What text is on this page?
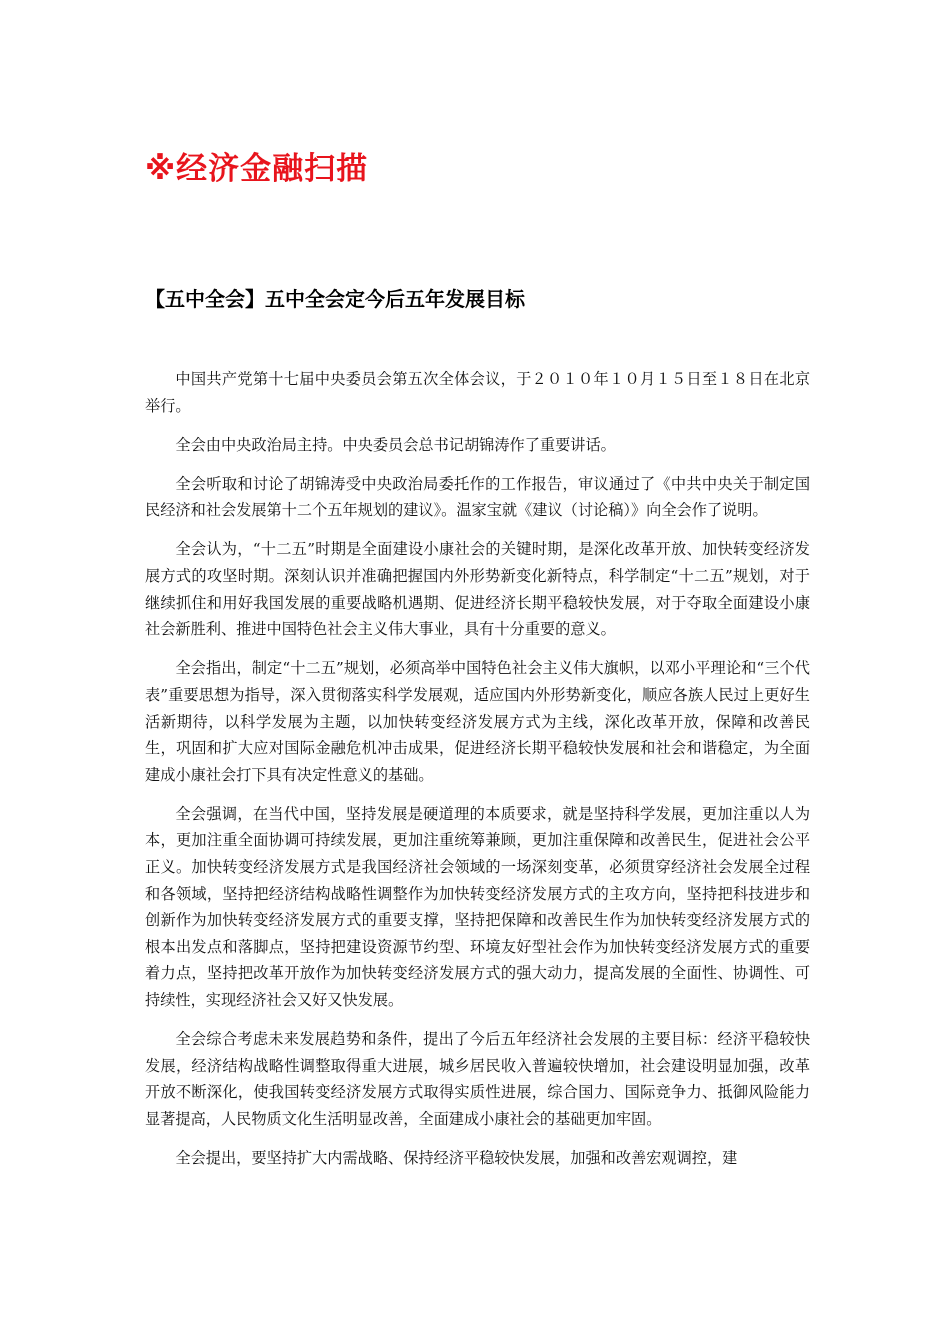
※经济金融扫描
【五中全会】五中全会定今后五年发展目标

中国共产党第十七届中央委员会第五次全体会议，于２０１０年１０月１５日至１８日在北京举行。

全会由中央政治局主持。中央委员会总书记胡锦涛作了重要讲话。

全会听取和讨论了胡锦涛受中央政治局委托作的工作报告，审议通过了《中共中央关于制定国民经济和社会发展第十二个五年规划的建议》。温家宝就《建议（讨论稿）》向全会作了说明。

全会认为，“十二五”时期是全面建设小康社会的关键时期，是深化改革开放、加快转变经济发展方式的攻坚时期。深刻认识并准确把握国内外形势新变化新特点，科学制定“十二五”规划，对于继续抓住和用好我国发展的重要战略机遇期、促进经济长期平稳较快发展，对于夺取全面建设小康社会新胜利、推进中国特色社会主义伟大事业，具有十分重要的意义。

全会指出，制定“十二五”规划，必须高举中国特色社会主义伟大旗帜，以邓小平理论和“三个代表”重要思想为指导，深入贯彻落实科学发展观，适应国内外形势新变化，顺应各族人民过上更好生活新期待，以科学发展为主题，以加快转变经济发展方式为主线，深化改革开放，保障和改善民生，巩固和扩大应对国际金融危机冲击成果，促进经济长期平稳较快发展和社会和谐稳定，为全面建成小康社会打下具有决定性意义的基础。

全会强调，在当代中国，坚持发展是硬道理的本质要求，就是坚持科学发展，更加注重以人为本，更加注重全面协调可持续发展，更加注重统筹兼顾，更加注重保障和改善民生，促进社会公平正义。加快转变经济发展方式是我国经济社会领域的一场深刻变革，必须贯穿经济社会发展全过程和各领域，坚持把经济结构战略性调整作为加快转变经济发展方式的主攻方向，坚持把科技进步和创新作为加快转变经济发展方式的重要支撑，坚持把保障和改善民生作为加快转变经济发展方式的根本出发点和落脚点，坚持把建设资源节约型、环境友好型社会作为加快转变经济发展方式的重要着力点，坚持把改革开放作为加快转变经济发展方式的强大动力，提高发展的全面性、协调性、可持续性，实现经济社会又好又快发展。

全会综合考虑未来发展趋势和条件，提出了今后五年经济社会发展的主要目标：经济平稳较快发展，经济结构战略性调整取得重大进展，城乡居民收入普遍较快增加，社会建设明显加强，改革开放不断深化，使我国转变经济发展方式取得实质性进展，综合国力、国际竞争力、抵御风险能力显著提高，人民物质文化生活明显改善，全面建成小康社会的基础更加牢固。

全会提出，要坚持扩大内需战略、保持经济平稳较快发展，加强和改善宏观调控，建
